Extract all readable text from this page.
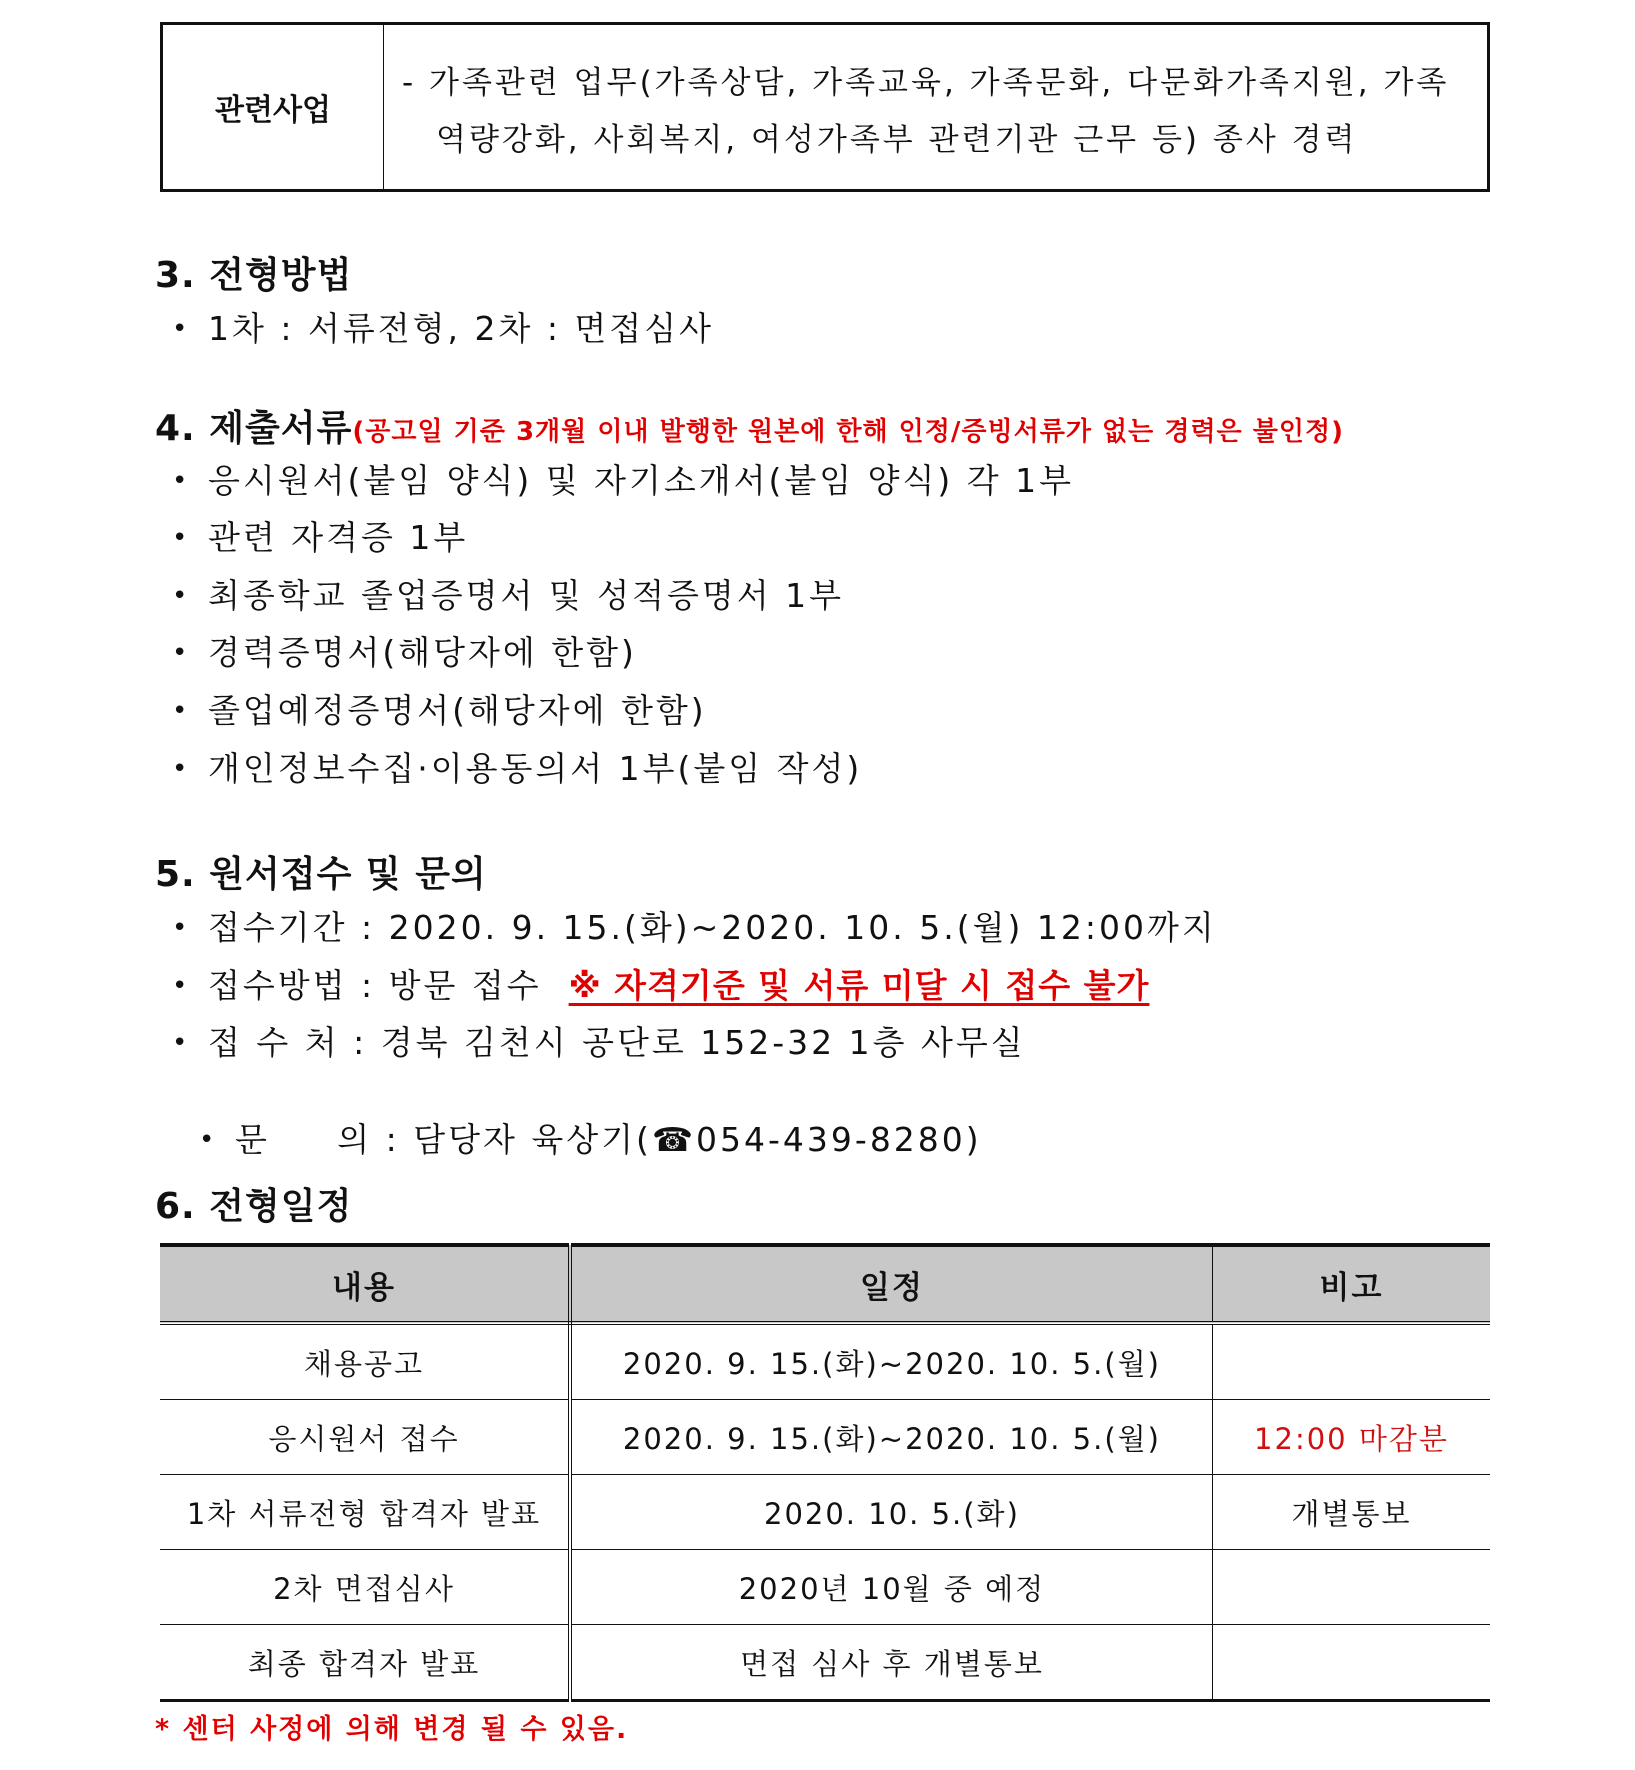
관련사업
- 가족관련 업무(가족상담, 가족교육, 가족문화, 다문화가족지원, 가족
역량강화, 사회복지, 여성가족부 관련기관 근무 등) 종사 경력
3. 전형방법
• 1차 : 서류전형, 2차 : 면접심사
4. 제출서류(공고일 기준 3개월 이내 발행한 원본에 한해 인정/증빙서류가 없는 경력은 불인정)
• 응시원서(붙임 양식) 및 자기소개서(붙임 양식) 각 1부
• 관련 자격증 1부
• 최종학교 졸업증명서 및 성적증명서 1부
• 경력증명서(해당자에 한함)
• 졸업예정증명서(해당자에 한함)
• 개인정보수집·이용동의서 1부(붙임 작성)
5. 원서접수 및 문의
• 접수기간 : 2020. 9. 15.(화)~2020. 10. 5.(월) 12:00까지
• 접수방법 : 방문 접수 ※ 자격기준 및 서류 미달 시 접수 불가
• 접 수 처 : 경북 김천시 공단로 152-32 1층 사무실

• 문     의 : 담당자 육상기(☎054-439-8280)

6. 전형일정
내용	일정	비고
채용공고	2020. 9. 15.(화)~2020. 10. 5.(월)	
응시원서 접수	2020. 9. 15.(화)~2020. 10. 5.(월)	12:00 마감분
1차 서류전형 합격자 발표	2020. 10. 5.(화)	개별통보
2차 면접심사	2020년 10월 중 예정	
최종 합격자 발표	면접 심사 후 개별통보	
* 센터 사정에 의해 변경 될 수 있음.
